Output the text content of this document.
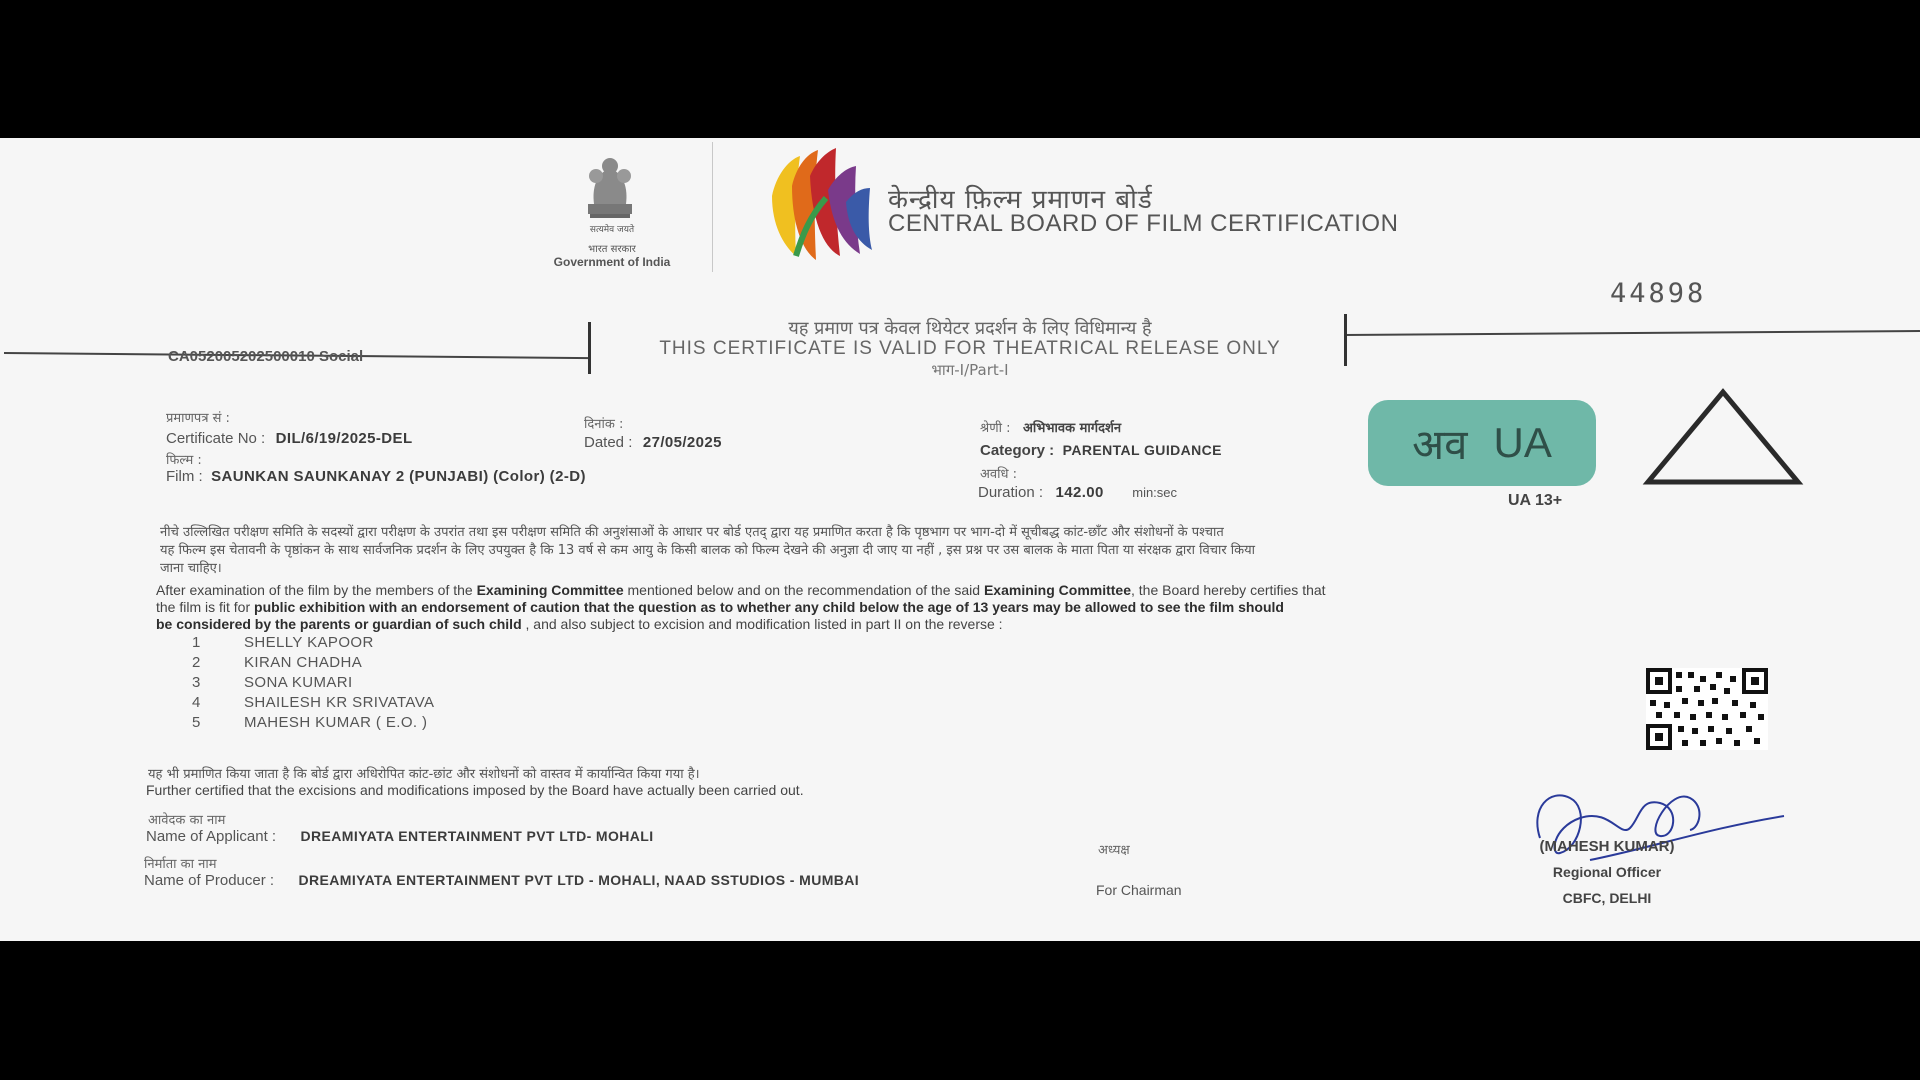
सत्यमेव जयते
भारत सरकार
Government of India
केन्द्रीय फ़िल्म प्रमाणन बोर्ड
CENTRAL BOARD OF FILM CERTIFICATION
44898
यह प्रमाण पत्र केवल थियेटर प्रदर्शन के लिए विधिमान्य है
THIS CERTIFICATE IS VALID FOR THEATRICAL RELEASE ONLY
भाग-I/Part-I
CA052005202500010 Social
प्रमाणपत्र सं :
Certificate No : DIL/6/19/2025-DEL
दिनांक :
Dated : 27/05/2025
फिल्म :
Film : SAUNKAN SAUNKANAY 2 (PUNJABI) (Color) (2-D)
श्रेणी : अभिभावक मार्गदर्शन
Category : PARENTAL GUIDANCE
अवधि :
Duration : 142.00 min:sec
अव UA
UA 13+
नीचे उल्लिखित परीक्षण समिति के सदस्यों द्वारा परीक्षण के उपरांत तथा इस परीक्षण समिति की अनुशंसाओं के आधार पर बोर्ड एतद् द्वारा यह प्रमाणित करता है कि पृष्ठभाग पर भाग-दो में सूचीबद्ध कांट-छाँट और संशोधनों के पश्चात
यह फिल्म इस चेतावनी के पृष्ठांकन के साथ सार्वजनिक प्रदर्शन के लिए उपयुक्त है कि 13 वर्ष से कम आयु के किसी बालक को फिल्म देखने की अनुज्ञा दी जाए या नहीं , इस प्रश्न पर उस बालक के माता पिता या संरक्षक द्वारा विचार किया
जाना चाहिए।
After examination of the film by the members of the Examining Committee mentioned below and on the recommendation of the said Examining Committee, the Board hereby certifies that
the film is fit for public exhibition with an endorsement of caution that the question as to whether any child below the age of 13 years may be allowed to see the film should
be considered by the parents or guardian of such child , and also subject to excision and modification listed in part II on the reverse :
1	SHELLY KAPOOR
2	KIRAN CHADHA
3	SONA KUMARI
4	SHAILESH KR SRIVATAVA
5	MAHESH KUMAR ( E.O. )
यह भी प्रमाणित किया जाता है कि बोर्ड द्वारा अधिरोपित कांट-छांट और संशोधनों को वास्तव में कार्यान्वित किया गया है।
Further certified that the excisions and modifications imposed by the Board have actually been carried out.
आवेदक का नाम
Name of Applicant : DREAMIYATA ENTERTAINMENT PVT LTD- MOHALI
निर्माता का नाम
Name of Producer : DREAMIYATA ENTERTAINMENT PVT LTD - MOHALI, NAAD SSTUDIOS - MUMBAI
अध्यक्ष
For Chairman
(MAHESH KUMAR)
Regional Officer
CBFC, DELHI
